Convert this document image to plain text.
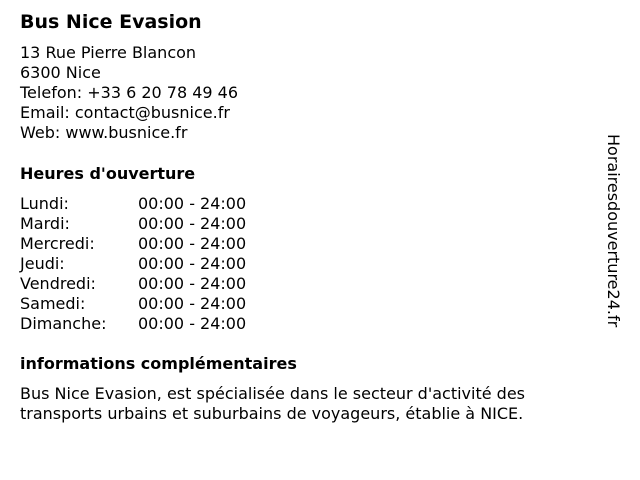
Bus Nice Evasion
13 Rue Pierre Blancon
6300 Nice
Telefon: +33 6 20 78 49 46
Email: contact@busnice.fr
Web: www.busnice.fr
Heures d'ouverture
Lundi:	00:00 - 24:00
Mardi:	00:00 - 24:00
Mercredi:	00:00 - 24:00
Jeudi:	00:00 - 24:00
Vendredi:	00:00 - 24:00
Samedi:	00:00 - 24:00
Dimanche:	00:00 - 24:00
informations complémentaires
Bus Nice Evasion, est spécialisée dans le secteur d'activité des transports urbains et suburbains de voyageurs, établie à NICE.
Horairesdouverture24.fr
